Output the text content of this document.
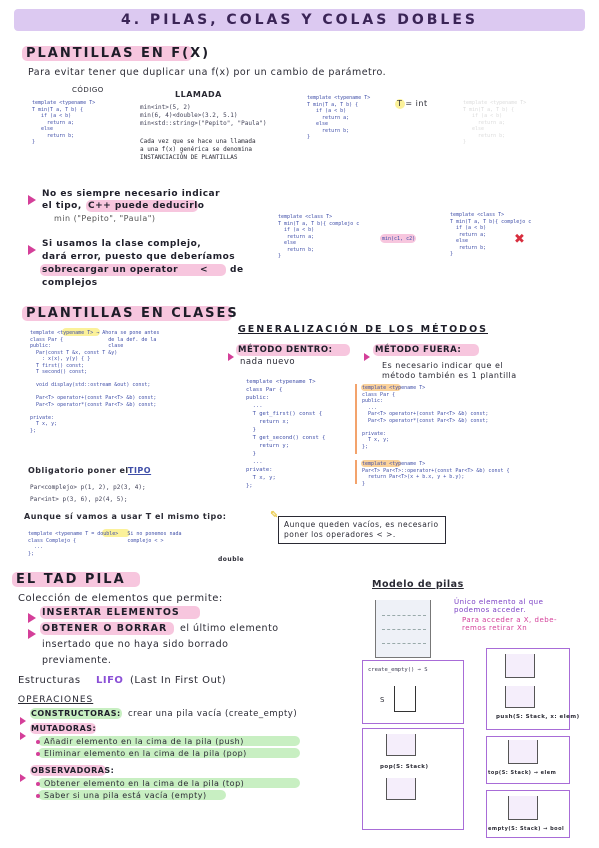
4. PILAS, COLAS Y COLAS DOBLES
PLANTILLAS EN F(X)
Para evitar tener que duplicar una f(x) por un cambio de parámetro.
CÓDIGO
template <typename T>
T min(T a, T b) {
if (a < b)
return a;
else
return b;
}
LLAMADA
min<int>(5, 2)
min(6, 4)<double>(3.2, 5.1)
min<std::string>("Pepito", "Paula")
Cada vez que se hace una llamada
a una f(x) genérica se denomina
INSTANCIACIÓN DE PLANTILLAS
template <typename T>
T min(T a, T b) {
if (a < b)
return a;
else
return b;
}
T = int	template <typename T>
T min(T a, T b) {
if (a < b)
return a;
else
return b;
}
No es siempre necesario indicar
el tipo, C++ puede deducirlo
min ("Pepito", "Paula")
Si usamos la clase complejo,
dará error, puesto que deberíamos
sobrecargar un operator < de
complejos
template <class T>
T min(T a, T b){ complejo c
if (a < b)
return a;
else
return b;
}
min(c1, c2)
template <class T>
T min(T a, T b){ complejo c
if (a < b)
return a;
else
return b;
}
✖
PLANTILLAS EN CLASES
template <typename T> → Ahora se pone antes
class Par {               de la def. de la
public:                   clase
Par(const T &x, const T &y)
: x(x), y(y) { }
T first() const;
T second() const;

void display(std::ostream &out) const;

Par<T> operator+(const Par<T> &b) const;
Par<T> operator*(const Par<T> &b) const;

private:
T x, y;
};
Obligatorio poner el TIPO
Par<complejo> p(1, 2), p2(3, 4);
Par<int> p(3, 6), p2(4, 5);
Aunque sí vamos a usar T el mismo tipo:
template <typename T = double>   Si no ponemos nada
class Complejo {                 complejo < >
...
};
double
GENERALIZACIÓN DE LOS MÉTODOS
MÉTODO DENTRO:
nada nuevo
MÉTODO FUERA:
Es necesario indicar que el
método también es 1 plantilla
template <typename T>
class Par {
public:
...
T get_first() const {
return x;
}
T get_second() const {
return y;
}
...
private:
T x, y;
};
template <typename T>
class Par {
public:
...
Par<T> operator+(const Par<T> &b) const;
Par<T> operator*(const Par<T> &b) const;

private:
T x, y;
};
template <typename T>
Par<T> Par<T>::operator+(const Par<T> &b) const {
return Par<T>(x + b.x, y + b.y);
}
✎
Aunque queden vacíos, es necesario
poner los operadores < >.
EL TAD PILA
Colección de elementos que permite:
INSERTAR ELEMENTOS
OBTENER O BORRAR el último elemento
insertado que no haya sido borrado
previamente.
Estructuras LIFO (Last In First Out)
OPERACIONES
CONSTRUCTORAS: crear una pila vacía (create_empty)
MUTADORAS:
Añadir elemento en la cima de la pila (push)
Eliminar elemento en la cima de la pila (pop)
OBSERVADORAS:
Obtener elemento en la cima de la pila (top)
Saber si una pila está vacía (empty)
Modelo de pilas
Único elemento al que
podemos acceder.
Para acceder a X, debe-
remos retirar Xn
create_empty() → S
S
push(S: Stack, x: elem)
pop(S: Stack)
top(S: Stack) → elem
empty(S: Stack) → bool
